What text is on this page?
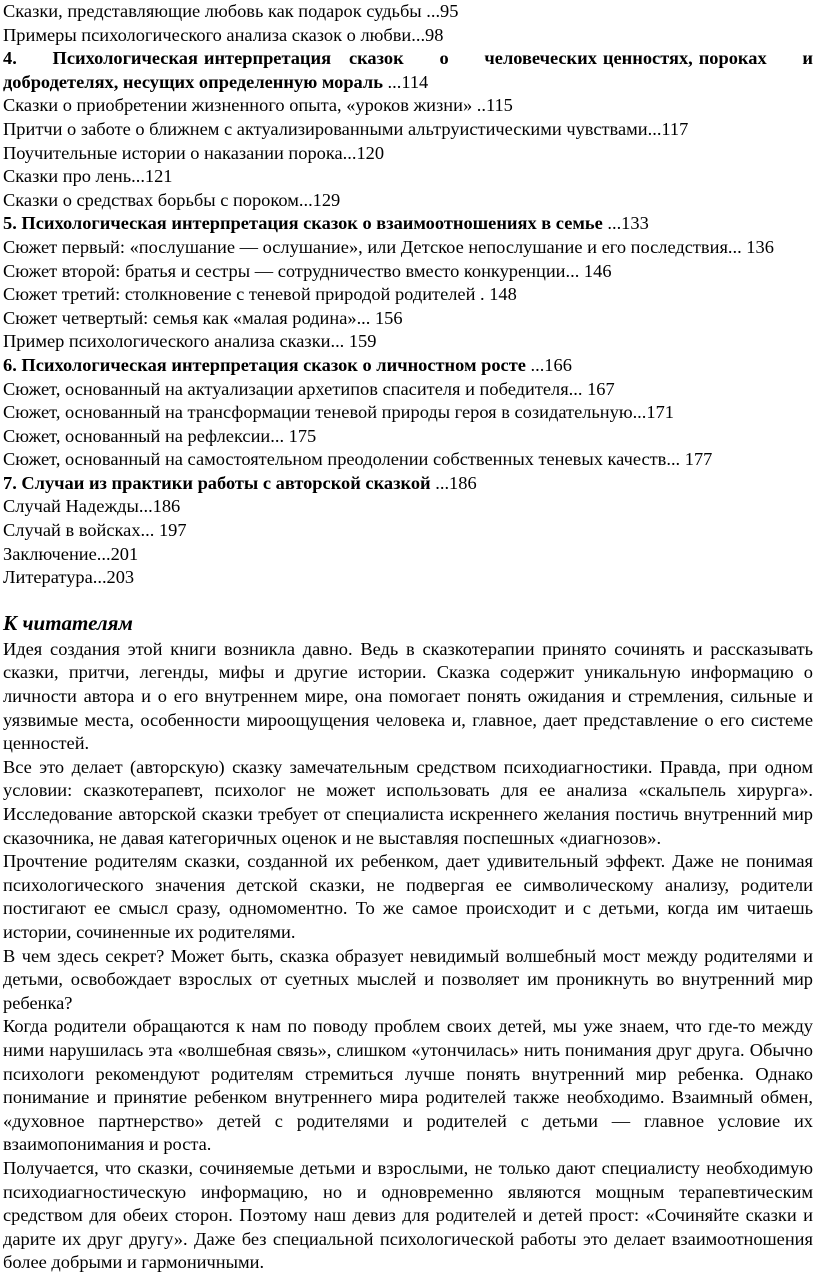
Сказки, представляющие любовь как подарок судьбы ...95

Примеры психологического анализа сказок о любви...98

4.      Психологическая интерпретация   сказок      о      человеческих ценностях, пороках      и добродетелях, несущих определенную мораль ...114

Сказки о приобретении жизненного опыта, «уроков жизни» ..115

Притчи о заботе о ближнем с актуализированными альтруистическими чувствами...117

Поучительные истории о наказании порока...120

Сказки про лень...121

Сказки о средствах борьбы с пороком...129

5. Психологическая интерпретация сказок о взаимоотношениях в семье ...133

Сюжет первый: «послушание — ослушание», или Детское непослушание и его последствия... 136

Сюжет второй: братья и сестры — сотрудничество вместо конкуренции... 146

Сюжет третий: столкновение с теневой природой родителей . 148

Сюжет четвертый: семья как «малая родина»... 156

Пример психологического анализа сказки... 159

6. Психологическая интерпретация сказок о личностном росте ...166

Сюжет, основанный на актуализации архетипов спасителя и победителя... 167

Сюжет, основанный на трансформации теневой природы героя в созидательную...171

Сюжет, основанный на рефлексии... 175

Сюжет, основанный на самостоятельном преодолении собственных теневых качеств... 177

7. Случаи из практики работы с авторской сказкой ...186

Случай Надежды...186

Случай в войсках... 197

Заключение...201

Литература...203

К читателям

Идея создания этой книги возникла давно. Ведь в сказкотерапии принято сочинять и рассказывать сказки, притчи, легенды, мифы и другие истории. Сказка содержит уникальную информацию о личности автора и о его внутреннем мире, она помогает понять ожидания и стремления, сильные и уязвимые места, особенности мироощущения человека и, главное, дает представление о его системе ценностей.

Все это делает (авторскую) сказку замечательным средством психодиагностики. Правда, при одном условии: сказкотерапевт, психолог не может использовать для ее анализа «скальпель хирурга». Исследование авторской сказки требует от специалиста искреннего желания постичь внутренний мир сказочника, не давая категоричных оценок и не выставляя поспешных «диагнозов».

Прочтение родителям сказки, созданной их ребенком, дает удивительный эффект. Даже не понимая психологического значения детской сказки, не подвергая ее символическому анализу, родители постигают ее смысл сразу, одномоментно. То же самое происходит и с детьми, когда им читаешь истории, сочиненные их родителями.

В чем здесь секрет? Может быть, сказка образует невидимый волшебный мост между родителями и детьми, освобождает взрослых от суетных мыслей и позволяет им проникнуть во внутренний мир ребенка?

Когда родители обращаются к нам по поводу проблем своих детей, мы уже знаем, что где-то между ними нарушилась эта «волшебная связь», слишком «утончилась» нить понимания друг друга. Обычно психологи рекомендуют родителям стремиться лучше понять внутренний мир ребенка. Однако понимание и принятие ребенком внутреннего мира родителей также необходимо. Взаимный обмен, «духовное партнерство» детей с родителями и родителей с детьми — главное условие их взаимопонимания и роста.

Получается, что сказки, сочиняемые детьми и взрослыми, не только дают специалисту необходимую психодиагностическую информацию, но и одновременно являются мощным терапевтическим средством для обеих сторон. Поэтому наш девиз для родителей и детей прост: «Сочиняйте сказки и дарите их друг другу». Даже без специальной психологической работы это делает взаимоотношения более добрыми и гармоничными.
